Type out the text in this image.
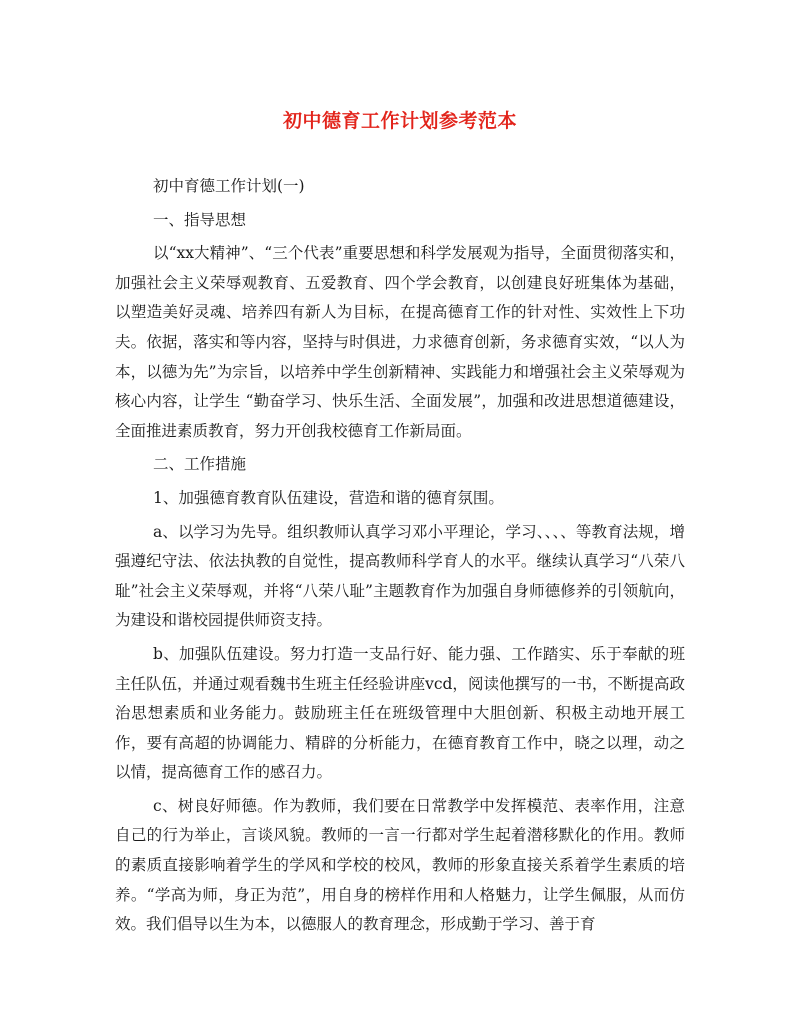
初中德育工作计划参考范本

初中育德工作计划(一)

一、指导思想

以“xx大精神”、“三个代表”重要思想和科学发展观为指导，全面贯彻落实和，加强社会主义荣辱观教育、五爱教育、四个学会教育，以创建良好班集体为基础，以塑造美好灵魂、培养四有新人为目标，在提高德育工作的针对性、实效性上下功夫。依据，落实和等内容，坚持与时俱进，力求德育创新，务求德育实效，“以人为本，以德为先”为宗旨，以培养中学生创新精神、实践能力和增强社会主义荣辱观为核心内容，让学生 “勤奋学习、快乐生活、全面发展”，加强和改进思想道德建设，全面推进素质教育，努力开创我校德育工作新局面。

二、工作措施

1、加强德育教育队伍建设，营造和谐的德育氛围。

a、以学习为先导。组织教师认真学习邓小平理论，学习、、、、等教育法规，增强遵纪守法、依法执教的自觉性，提高教师科学育人的水平。继续认真学习“八荣八耻”社会主义荣辱观，并将“八荣八耻”主题教育作为加强自身师德修养的引领航向，为建设和谐校园提供师资支持。

b、加强队伍建设。努力打造一支品行好、能力强、工作踏实、乐于奉献的班主任队伍，并通过观看魏书生班主任经验讲座vcd，阅读他撰写的一书，不断提高政治思想素质和业务能力。鼓励班主任在班级管理中大胆创新、积极主动地开展工作，要有高超的协调能力、精辟的分析能力，在德育教育工作中，晓之以理，动之以情，提高德育工作的感召力。

c、树良好师德。作为教师，我们要在日常教学中发挥模范、表率作用，注意自己的行为举止，言谈风貌。教师的一言一行都对学生起着潜移默化的作用。教师的素质直接影响着学生的学风和学校的校风，教师的形象直接关系着学生素质的培养。“学高为师，身正为范”，用自身的榜样作用和人格魅力，让学生佩服，从而仿效。我们倡导以生为本，以德服人的教育理念，形成勤于学习、善于育
